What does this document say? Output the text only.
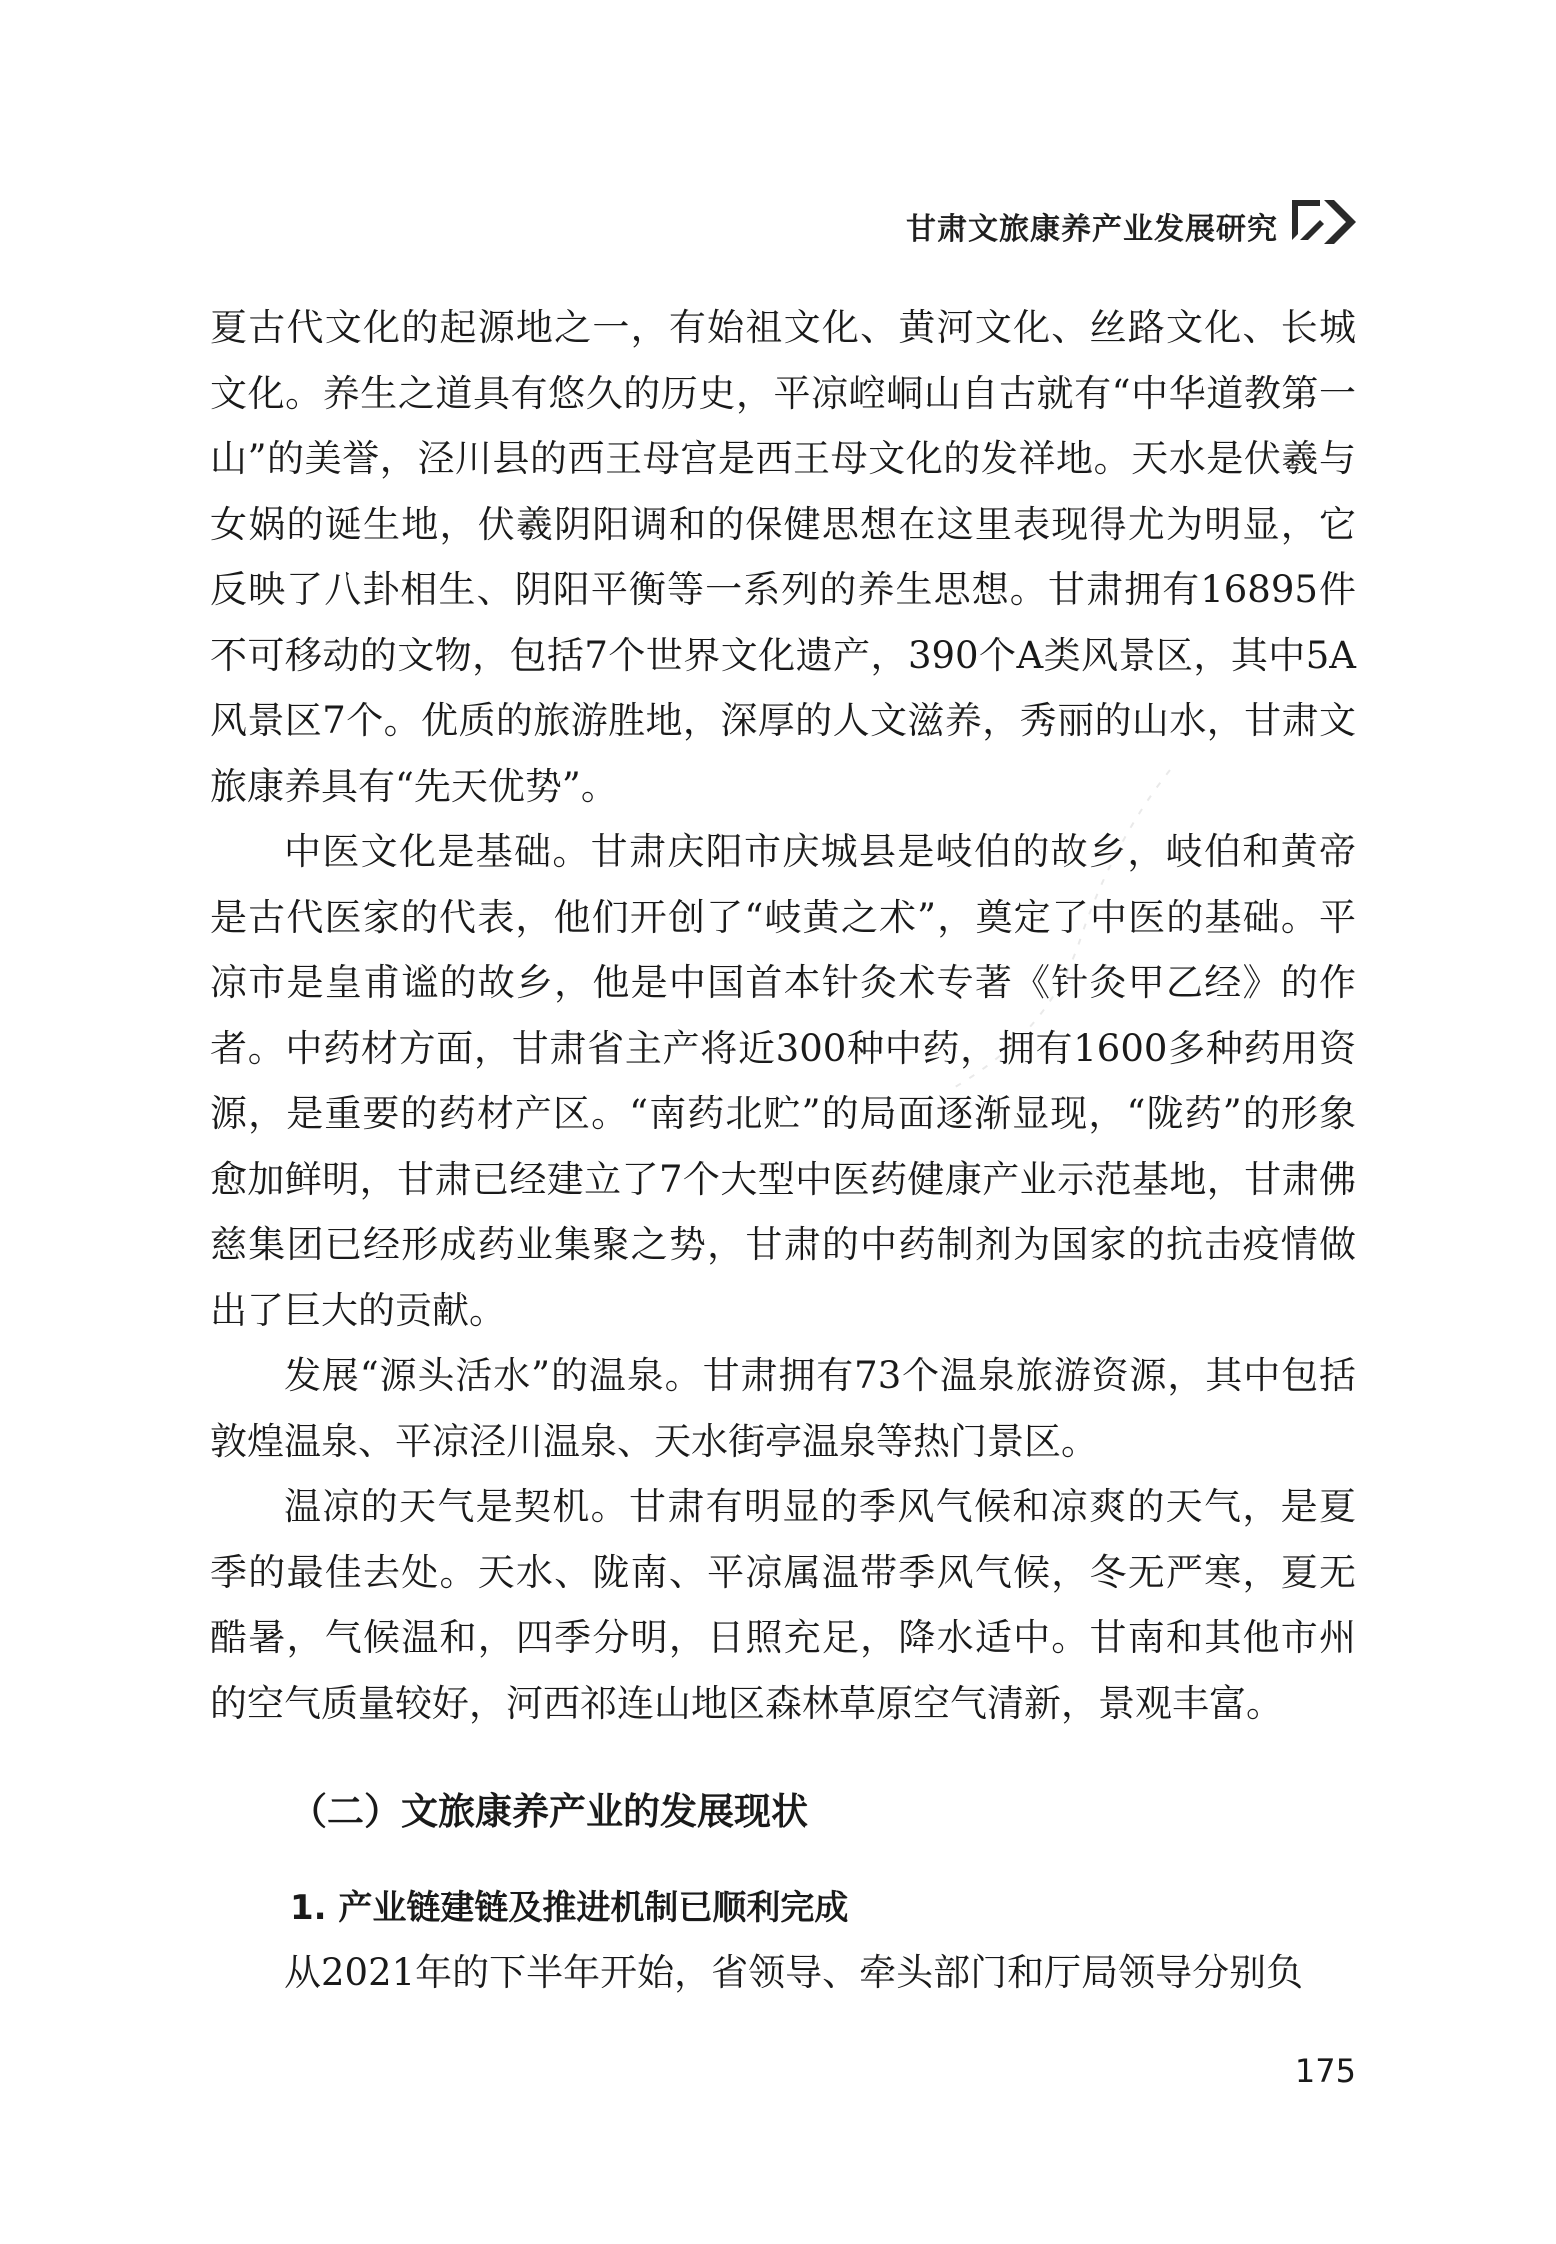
甘肃文旅康养产业发展研究

夏古代文化的起源地之一，有始祖文化、黄河文化、丝路文化、长城文化。养生之道具有悠久的历史，平凉崆峒山自古就有“中华道教第一山”的美誉，泾川县的西王母宫是西王母文化的发祥地。天水是伏羲与女娲的诞生地，伏羲阴阳调和的保健思想在这里表现得尤为明显，它反映了八卦相生、阴阳平衡等一系列的养生思想。甘肃拥有16895件不可移动的文物，包括7个世界文化遗产，390个A类风景区，其中5A风景区7个。优质的旅游胜地，深厚的人文滋养，秀丽的山水，甘肃文旅康养具有“先天优势”。

中医文化是基础。甘肃庆阳市庆城县是岐伯的故乡，岐伯和黄帝是古代医家的代表，他们开创了“岐黄之术”，奠定了中医的基础。平凉市是皇甫谧的故乡，他是中国首本针灸术专著《针灸甲乙经》的作者。中药材方面，甘肃省主产将近300种中药，拥有1600多种药用资源，是重要的药材产区。“南药北贮”的局面逐渐显现，“陇药”的形象愈加鲜明，甘肃已经建立了7个大型中医药健康产业示范基地，甘肃佛慈集团已经形成药业集聚之势，甘肃的中药制剂为国家的抗击疫情做出了巨大的贡献。

发展“源头活水”的温泉。甘肃拥有73个温泉旅游资源，其中包括敦煌温泉、平凉泾川温泉、天水街亭温泉等热门景区。

温凉的天气是契机。甘肃有明显的季风气候和凉爽的天气，是夏季的最佳去处。天水、陇南、平凉属温带季风气候，冬无严寒，夏无酷暑，气候温和，四季分明，日照充足，降水适中。甘南和其他市州的空气质量较好，河西祁连山地区森林草原空气清新，景观丰富。

（二）文旅康养产业的发展现状
1. 产业链建链及推进机制已顺利完成

从2021年的下半年开始，省领导、牵头部门和厅局领导分别负

175
